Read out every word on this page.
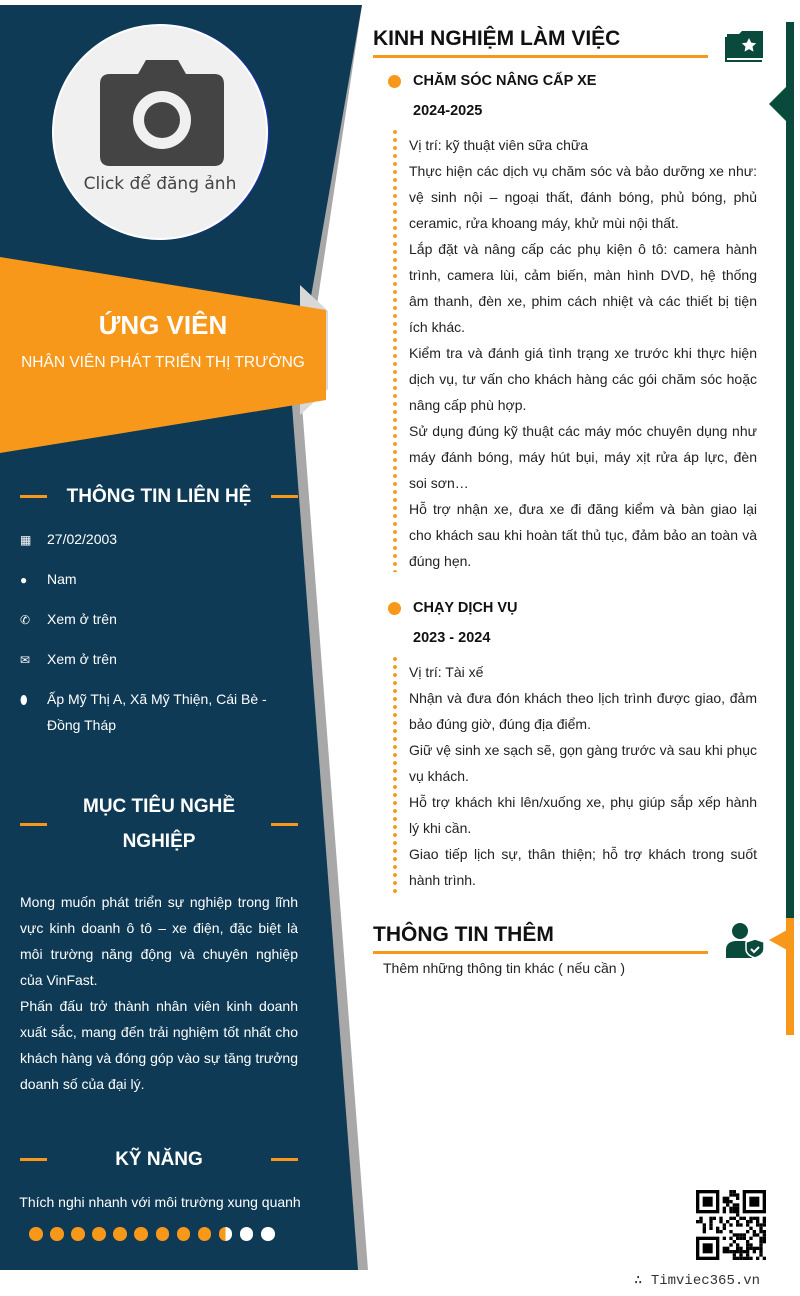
Click để đăng ảnh
ỨNG VIÊN
NHÂN VIÊN PHÁT TRIỂN THỊ TRƯỜNG
THÔNG TIN LIÊN HỆ
▦	27/02/2003
●	Nam
✆	Xem ở trên
✉	Xem ở trên
⬮	Ấp Mỹ Thị A, Xã Mỹ Thiện, Cái Bè - Đồng Tháp
MỤC TIÊU NGHỀ NGHIỆP
Mong muốn phát triển sự nghiệp trong lĩnh vực kinh doanh ô tô – xe điện, đặc biệt là môi trường năng động và chuyên nghiệp của VinFast.
Phấn đấu trở thành nhân viên kinh doanh xuất sắc, mang đến trải nghiệm tốt nhất cho khách hàng và đóng góp vào sự tăng trưởng doanh số của đại lý.
KỸ NĂNG
Thích nghi nhanh với môi trường xung quanh
KINH NGHIỆM LÀM VIỆC
CHĂM SÓC NÂNG CẤP XE
2024-2025
Vị trí: kỹ thuật viên sữa chữa
Thực hiện các dịch vụ chăm sóc và bảo dưỡng xe như: vệ sinh nội – ngoại thất, đánh bóng, phủ bóng, phủ ceramic, rửa khoang máy, khử mùi nội thất.
Lắp đặt và nâng cấp các phụ kiện ô tô: camera hành trình, camera lùi, cảm biến, màn hình DVD, hệ thống âm thanh, đèn xe, phim cách nhiệt và các thiết bị tiện ích khác.
Kiểm tra và đánh giá tình trạng xe trước khi thực hiện dịch vụ, tư vấn cho khách hàng các gói chăm sóc hoặc nâng cấp phù hợp.
Sử dụng đúng kỹ thuật các máy móc chuyên dụng như máy đánh bóng, máy hút bụi, máy xịt rửa áp lực, đèn soi sơn…
Hỗ trợ nhận xe, đưa xe đi đăng kiểm và bàn giao lại cho khách sau khi hoàn tất thủ tục, đảm bảo an toàn và đúng hẹn.
CHẠY DỊCH VỤ
2023 - 2024
Vị trí: Tài xế
Nhận và đưa đón khách theo lịch trình được giao, đảm bảo đúng giờ, đúng địa điểm.
Giữ vệ sinh xe sạch sẽ, gọn gàng trước và sau khi phục vụ khách.
Hỗ trợ khách khi lên/xuống xe, phụ giúp sắp xếp hành lý khi cần.
Giao tiếp lịch sự, thân thiện; hỗ trợ khách trong suốt hành trình.
THÔNG TIN THÊM
Thêm những thông tin khác ( nếu cần )
∴ Timviec365.vn
